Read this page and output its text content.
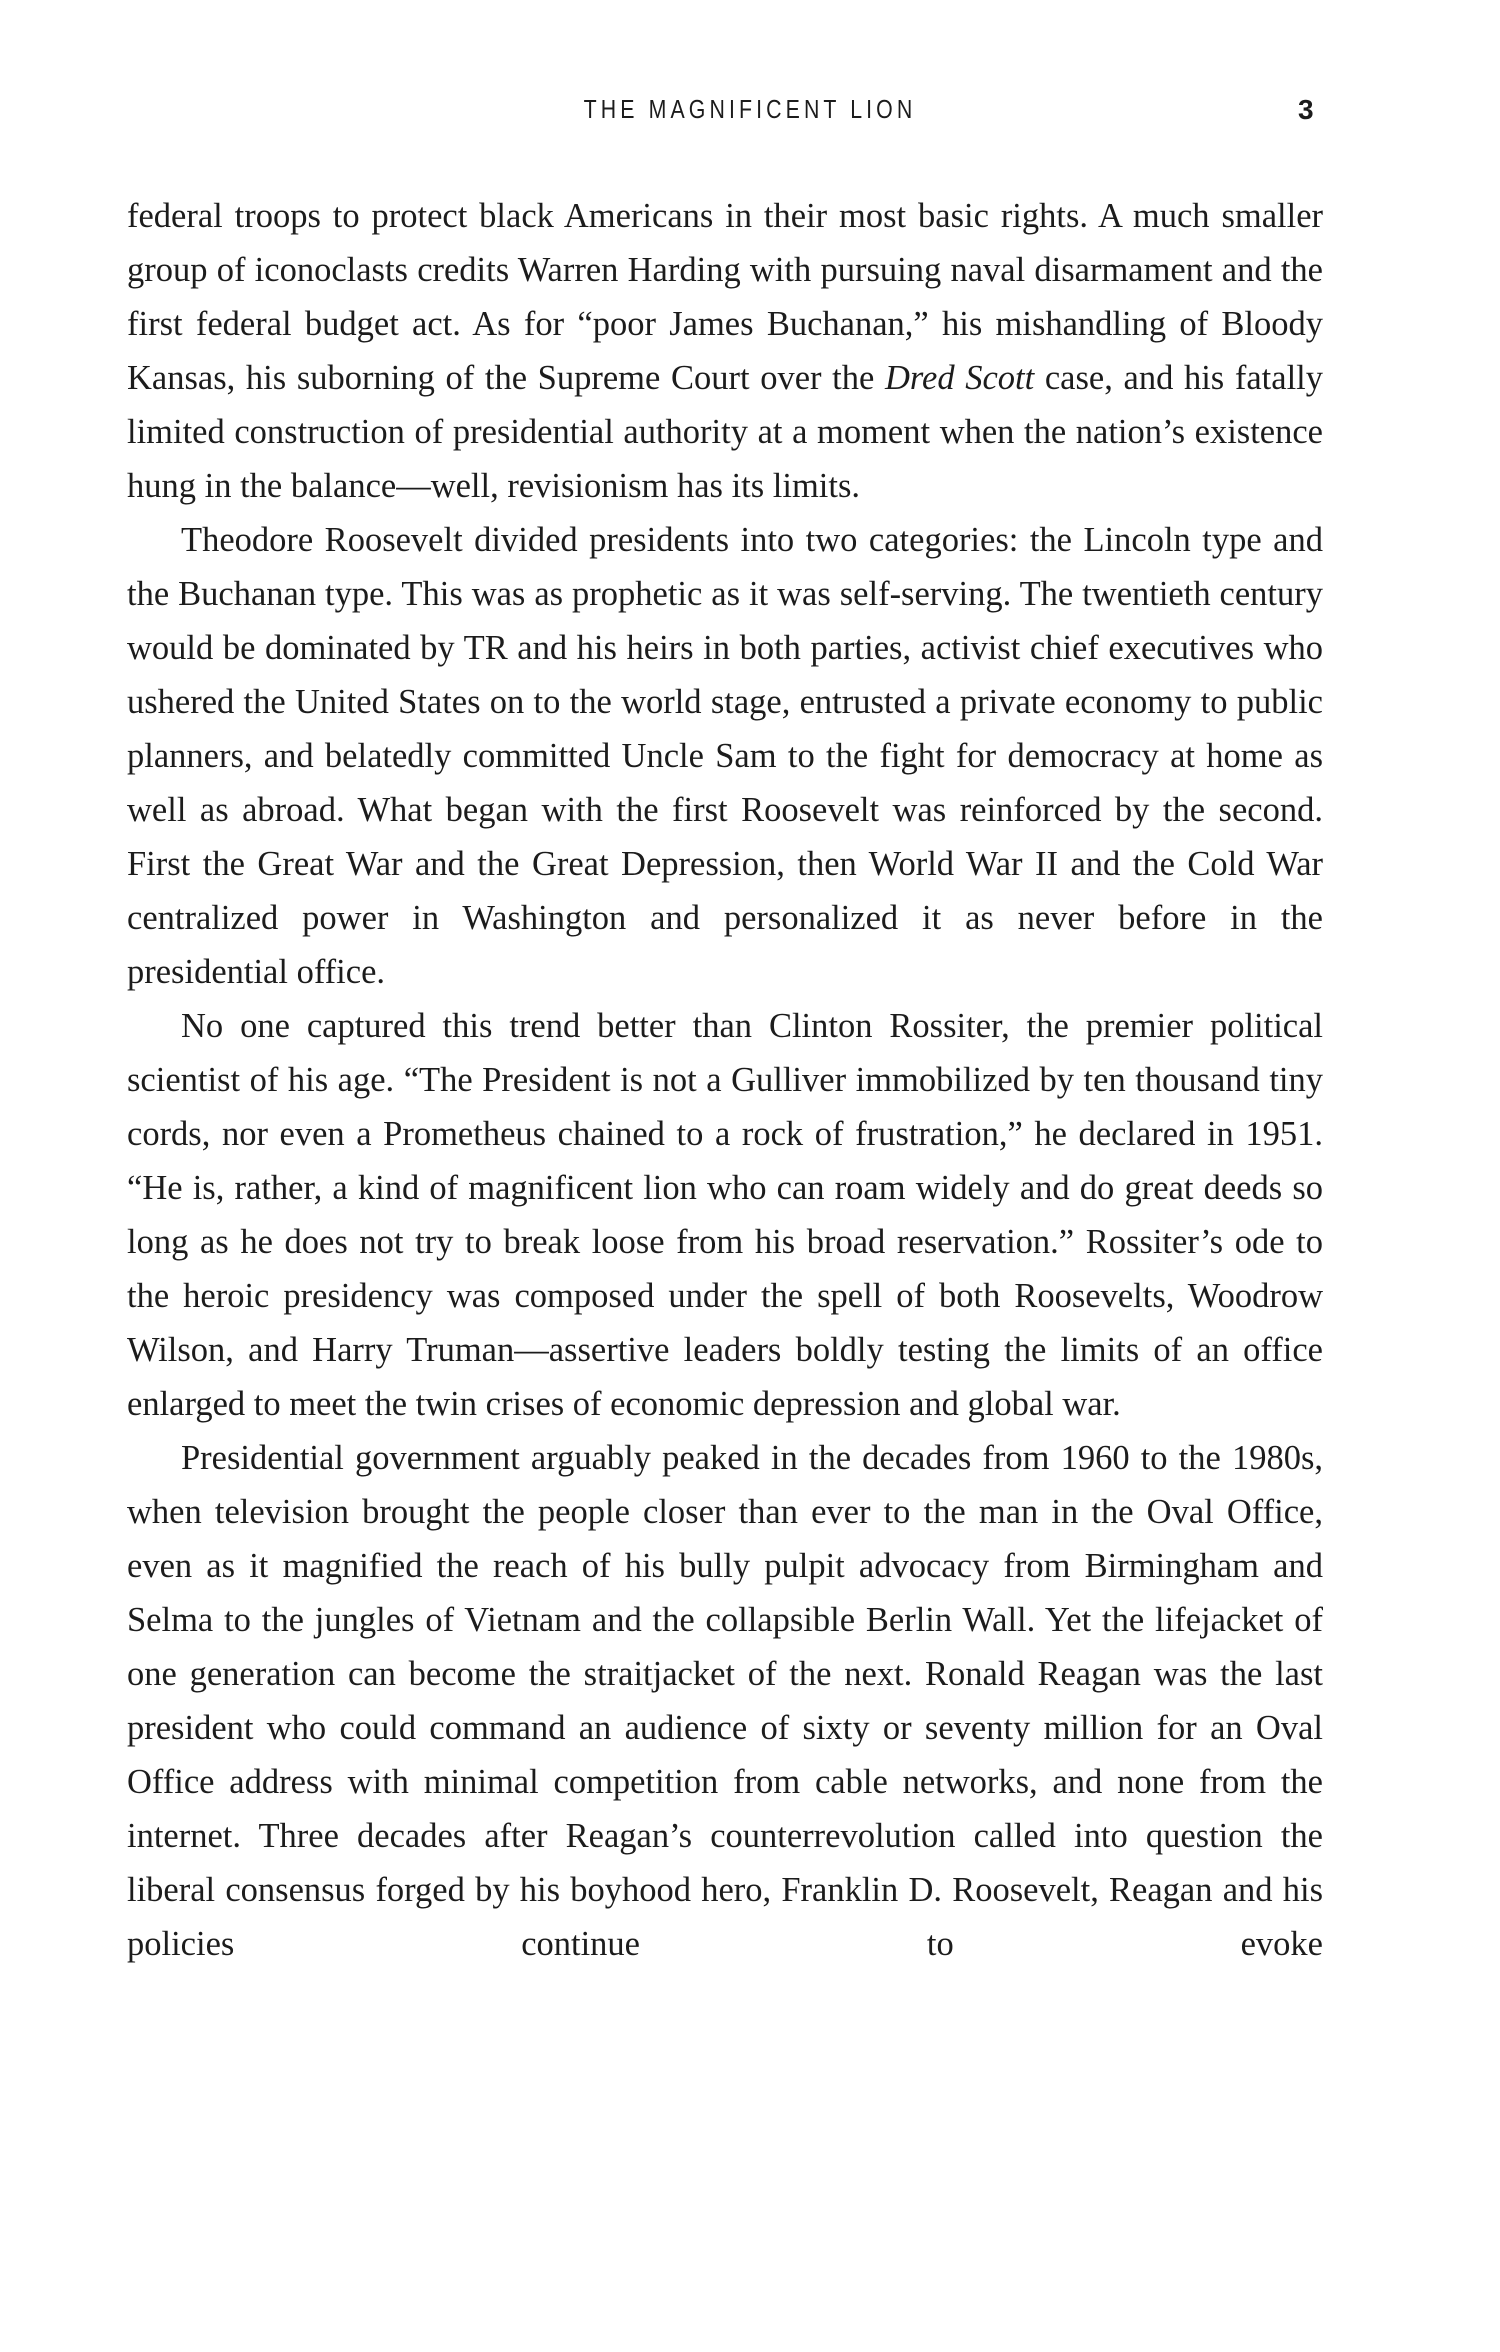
THE MAGNIFICENT LION	3

federal troops to protect black Americans in their most basic rights. A much smaller group of iconoclasts credits Warren Harding with pursuing naval disarmament and the first federal budget act. As for “poor James Buchanan,” his mishandling of Bloody Kansas, his suborning of the Supreme Court over the Dred Scott case, and his fatally limited construction of presidential authority at a moment when the nation’s existence hung in the balance—well, revisionism has its limits.

Theodore Roosevelt divided presidents into two categories: the Lincoln type and the Buchanan type. This was as prophetic as it was self-serving. The twentieth century would be dominated by TR and his heirs in both parties, activist chief executives who ushered the United States on to the world stage, entrusted a private economy to public planners, and belatedly committed Uncle Sam to the fight for democracy at home as well as abroad. What began with the first Roosevelt was reinforced by the second. First the Great War and the Great Depression, then World War II and the Cold War centralized power in Washington and personalized it as never before in the presidential office.

No one captured this trend better than Clinton Rossiter, the premier political scientist of his age. “The President is not a Gulliver immobilized by ten thousand tiny cords, nor even a Prometheus chained to a rock of frustration,” he declared in 1951. “He is, rather, a kind of magnificent lion who can roam widely and do great deeds so long as he does not try to break loose from his broad reservation.” Rossiter’s ode to the heroic presidency was composed under the spell of both Roosevelts, Woodrow Wilson, and Harry Truman—assertive leaders boldly testing the limits of an office enlarged to meet the twin crises of economic depression and global war.

Presidential government arguably peaked in the decades from 1960 to the 1980s, when television brought the people closer than ever to the man in the Oval Office, even as it magnified the reach of his bully pulpit advocacy from Birmingham and Selma to the jungles of Vietnam and the collapsible Berlin Wall. Yet the lifejacket of one generation can become the straitjacket of the next. Ronald Reagan was the last president who could command an audience of sixty or seventy million for an Oval Office address with minimal competition from cable networks, and none from the internet. Three decades after Reagan’s counterrevolution called into question the liberal consensus forged by his boyhood hero, Franklin D. Roosevelt, Reagan and his policies continue to evoke
